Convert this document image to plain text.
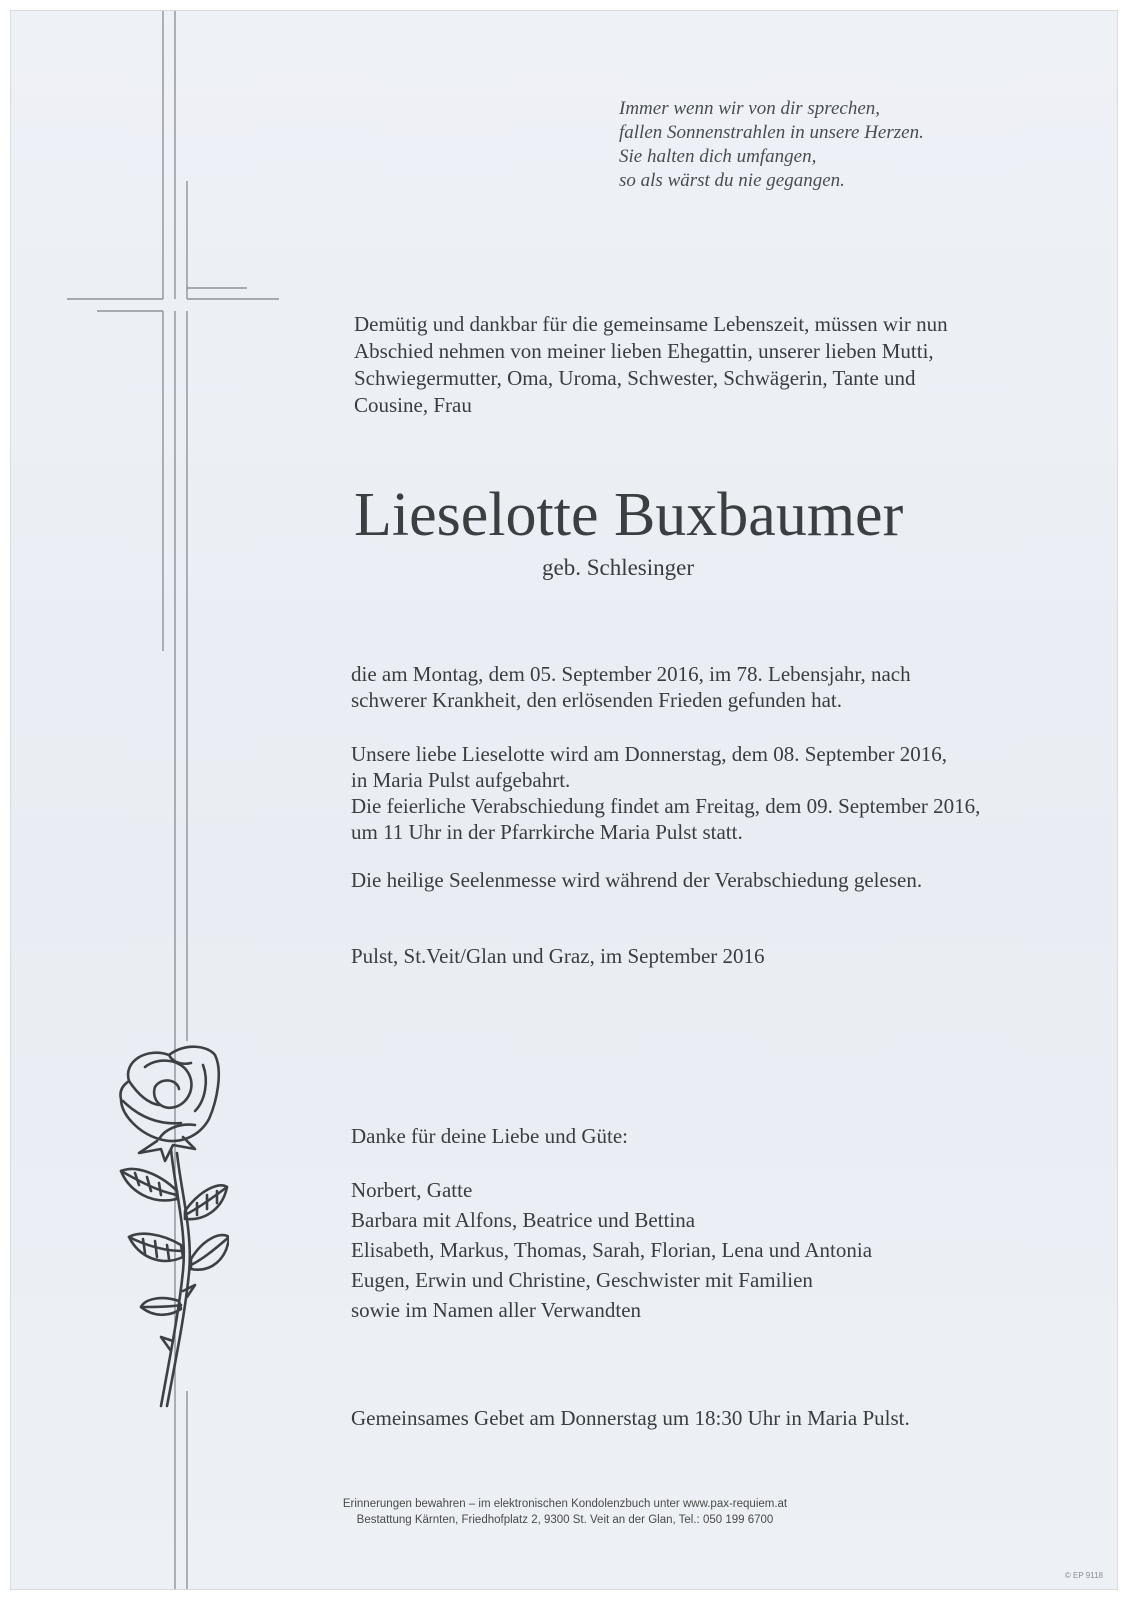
Immer wenn wir von dir sprechen,
fallen Sonnenstrahlen in unsere Herzen.
Sie halten dich umfangen,
so als wärst du nie gegangen.
Demütig und dankbar für die gemeinsame Lebenszeit, müssen wir nun
Abschied nehmen von meiner lieben Ehegattin, unserer lieben Mutti,
Schwiegermutter, Oma, Uroma, Schwester, Schwägerin, Tante und
Cousine, Frau
Lieselotte Buxbaumer
geb. Schlesinger
die am Montag, dem 05. September 2016, im 78. Lebensjahr, nach
schwerer Krankheit, den erlösenden Frieden gefunden hat.
Unsere liebe Lieselotte wird am Donnerstag, dem 08. September 2016,
in Maria Pulst aufgebahrt.
Die feierliche Verabschiedung findet am Freitag, dem 09. September 2016,
um 11 Uhr in der Pfarrkirche Maria Pulst statt.
Die heilige Seelenmesse wird während der Verabschiedung gelesen.
Pulst, St.Veit/Glan und Graz, im September 2016
Danke für deine Liebe und Güte:
Norbert, Gatte
Barbara mit Alfons, Beatrice und Bettina
Elisabeth, Markus, Thomas, Sarah, Florian, Lena und Antonia
Eugen, Erwin und Christine, Geschwister mit Familien
sowie im Namen aller Verwandten
Gemeinsames Gebet am Donnerstag um 18:30 Uhr in Maria Pulst.
Erinnerungen bewahren – im elektronischen Kondolenzbuch unter www.pax-requiem.at
Bestattung Kärnten, Friedhofplatz 2, 9300 St. Veit an der Glan, Tel.: 050 199 6700
© EP 9118
